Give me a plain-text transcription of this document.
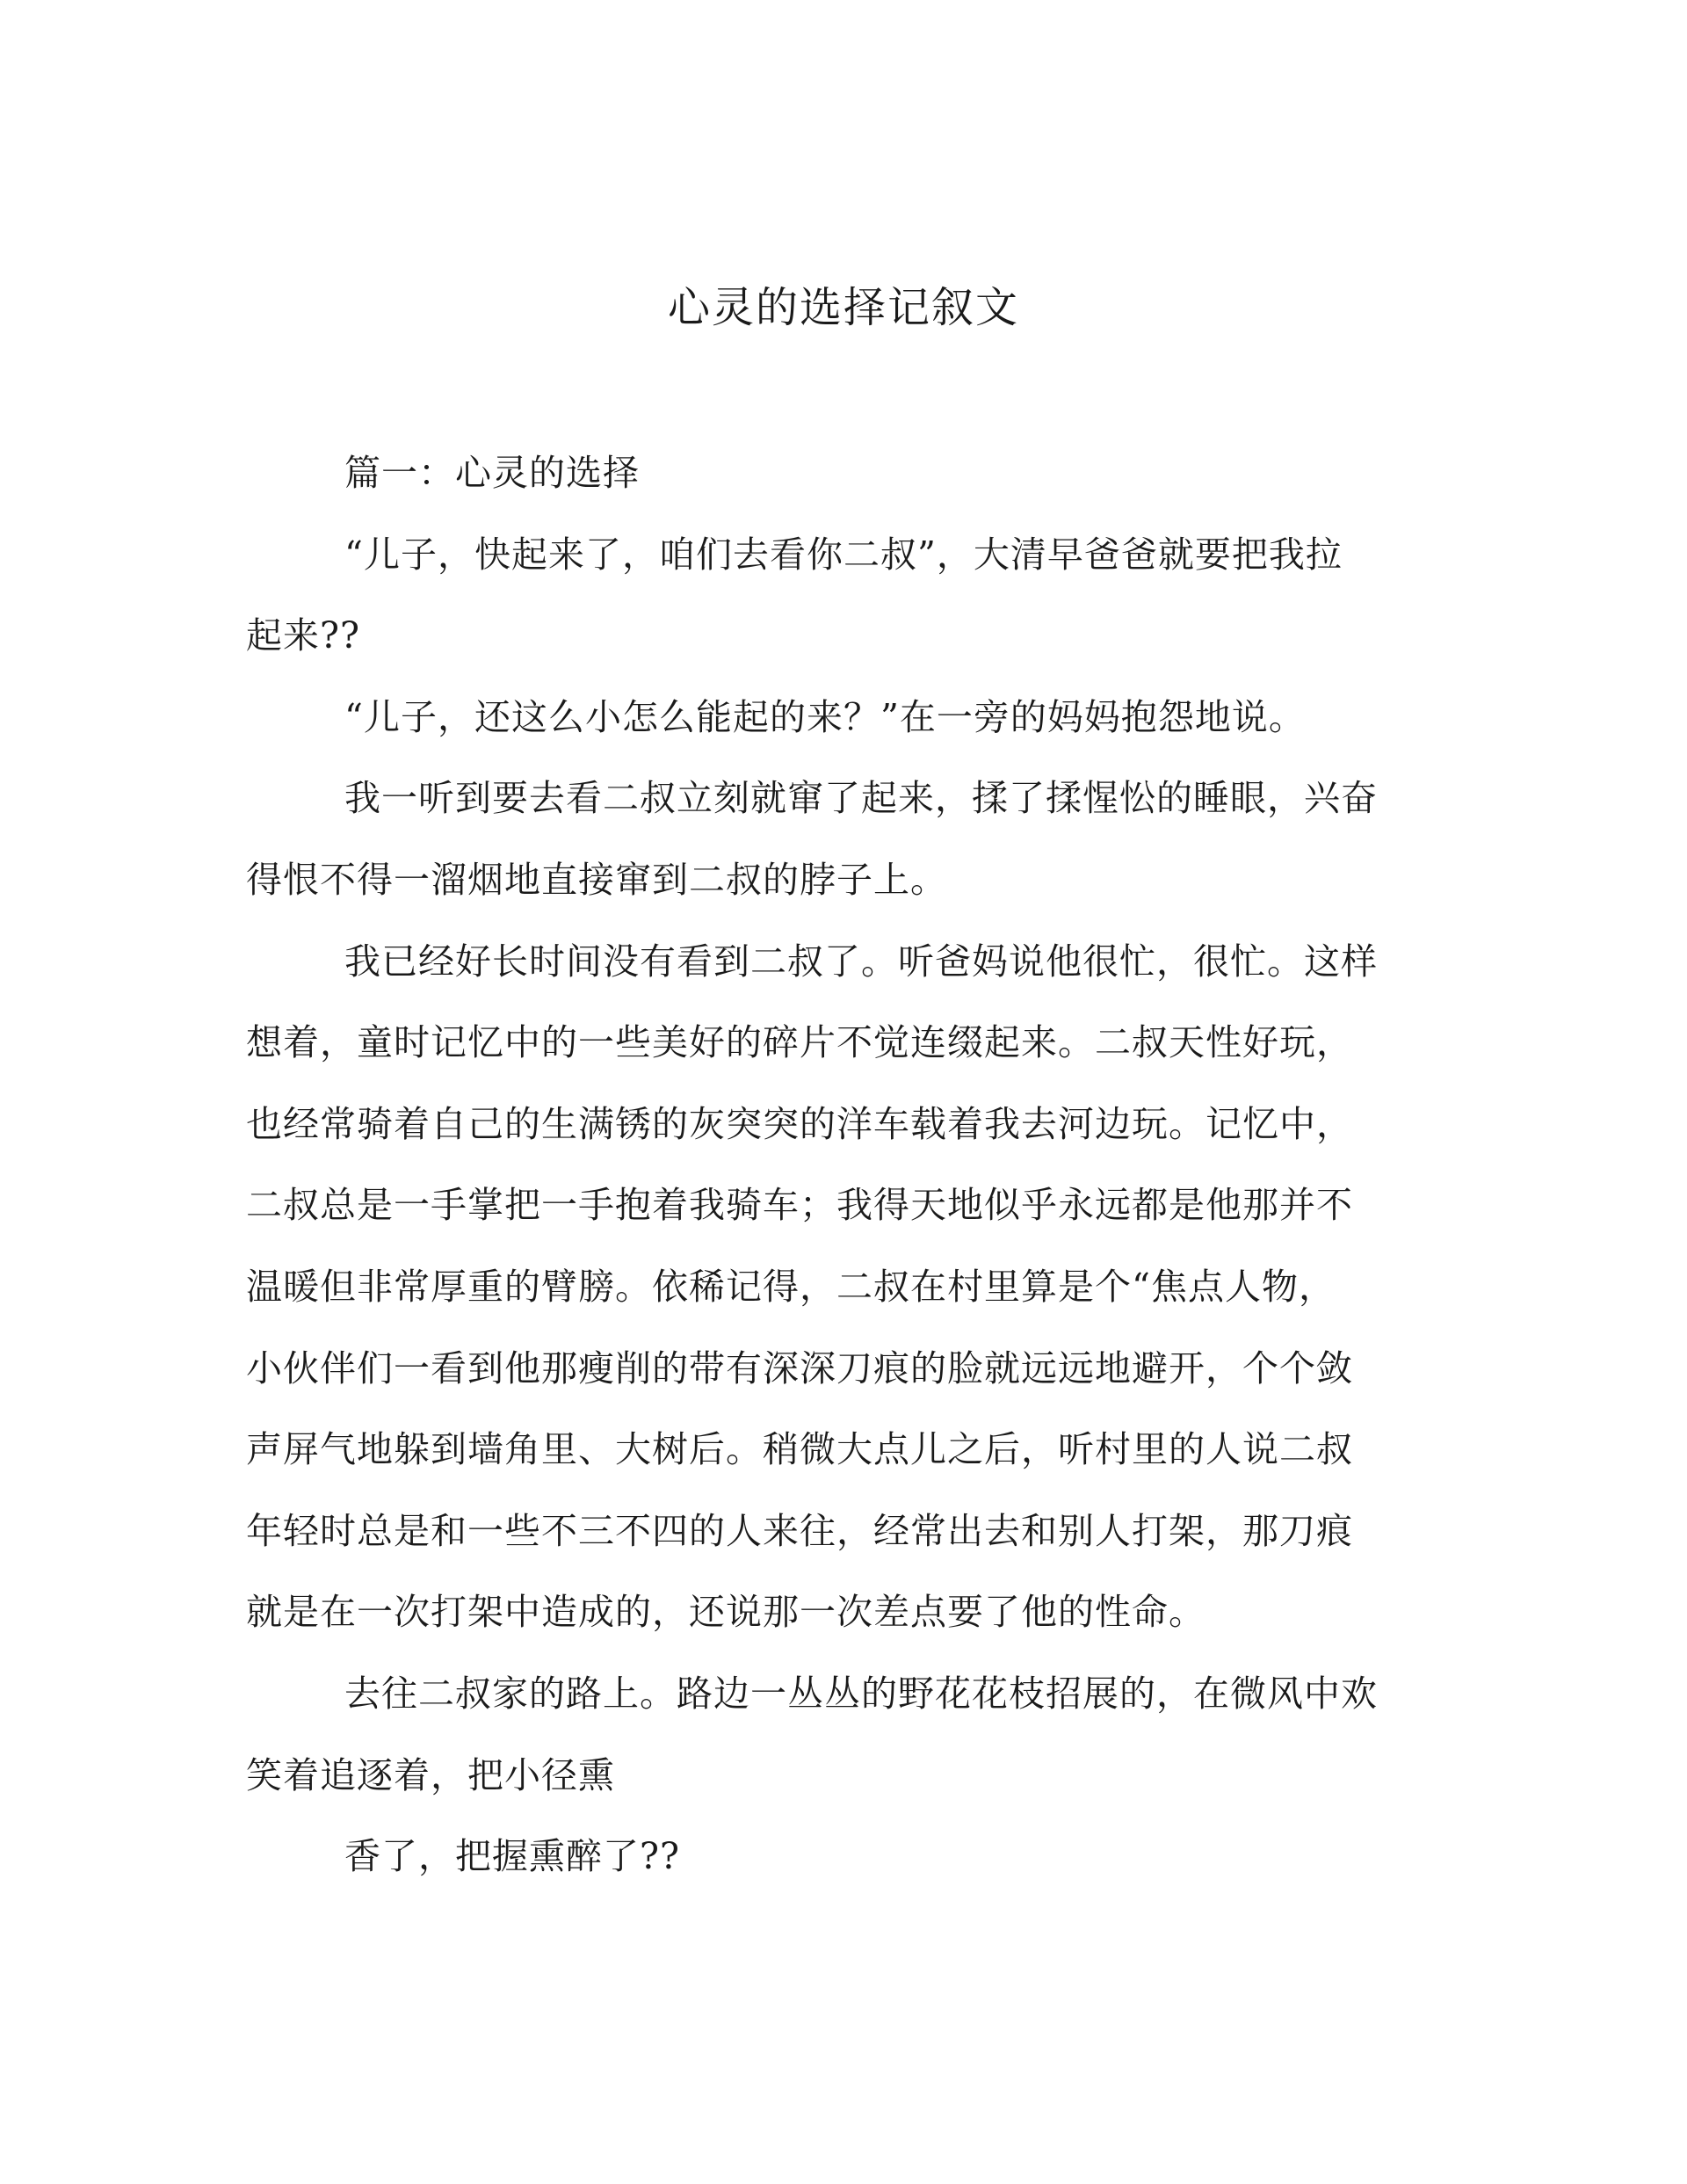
心灵的选择记叙文
篇一：心灵的选择
“儿子，快起来了，咱们去看你二叔”，大清早爸爸就要把我拉
起来??
“儿子，还这么小怎么能起的来？”在一旁的妈妈抱怨地说。
我一听到要去看二叔立刻就窜了起来，揉了揉惺忪的睡眼，兴奋
得恨不得一溜烟地直接窜到二叔的脖子上。
我已经好长时间没有看到二叔了。听爸妈说他很忙，很忙。这样
想着，童时记忆中的一些美好的碎片不觉连缀起来。二叔天性好玩，
也经常骑着自己的生满锈的灰突突的洋车载着我去河边玩。记忆中，
二叔总是一手掌把一手抱着我骑车；我得天地似乎永远都是他那并不
温暖但非常厚重的臂膀。依稀记得，二叔在村里算是个“焦点人物，
小伙伴们一看到他那瘦削的带有深深刀痕的脸就远远地避开，个个敛
声屏气地躲到墙角里、大树后。稍微大点儿之后，听村里的人说二叔
年轻时总是和一些不三不四的人来往，经常出去和别人打架，那刀痕
就是在一次打架中造成的，还说那一次差点要了他的性命。
去往二叔家的路上。路边一丛丛的野花花枝招展的，在微风中欢
笑着追逐着，把小径熏
香了，把握熏醉了??
